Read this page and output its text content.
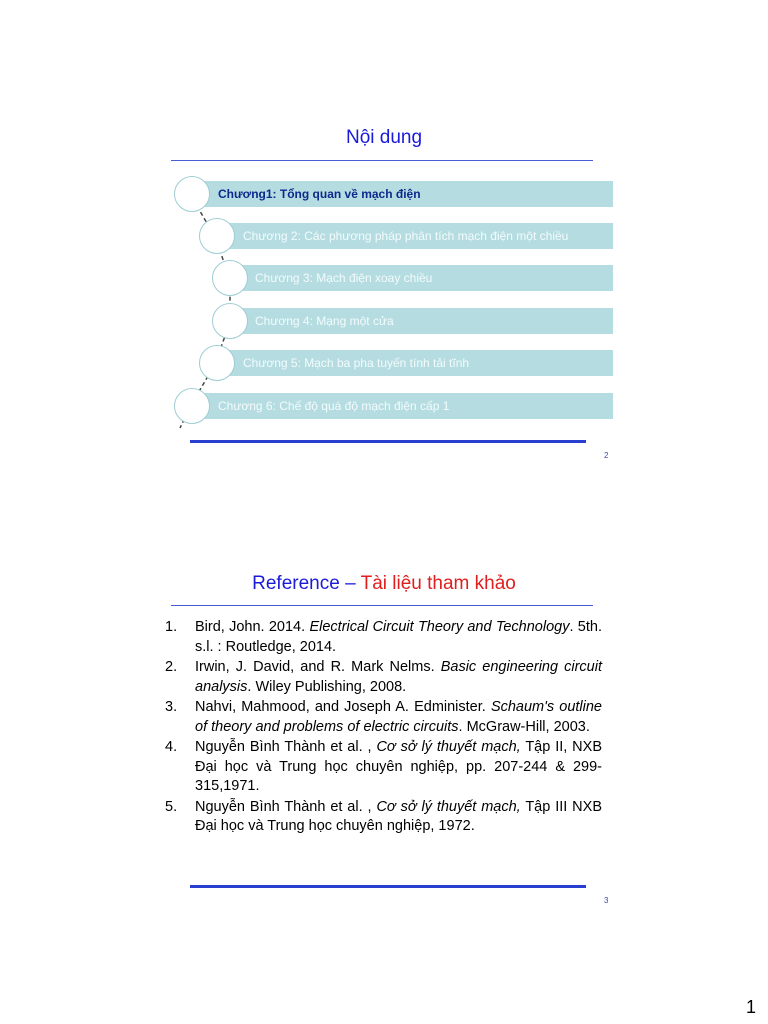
Nội dung
Chương1: Tổng quan về mạch điện
Chương 2: Các phương pháp phân tích mạch điện một chiều
Chương 3: Mạch điện xoay chiều
Chương 4: Mạng một cửa
Chương 5: Mạch ba pha tuyến tính tải tĩnh
Chương 6: Chế độ quá độ mạch điện cấp 1
2
Reference – Tài liệu tham khảo
1. Bird, John. 2014. Electrical Circuit Theory and Technology. 5th. s.l. : Routledge, 2014.
2. Irwin, J. David, and R. Mark Nelms. Basic engineering circuit analysis. Wiley Publishing, 2008.
3. Nahvi, Mahmood, and Joseph A. Edminister. Schaum's outline of theory and problems of electric circuits. McGraw-Hill, 2003.
4. Nguyễn Bình Thành et al. , Cơ sở lý thuyết mạch, Tập II, NXB Đại học và Trung học chuyên nghiệp, pp. 207-244 & 299-315,1971.
5. Nguyễn Bình Thành et al. , Cơ sở lý thuyết mạch, Tập III NXB Đại học và Trung học chuyên nghiệp, 1972.
3
1
